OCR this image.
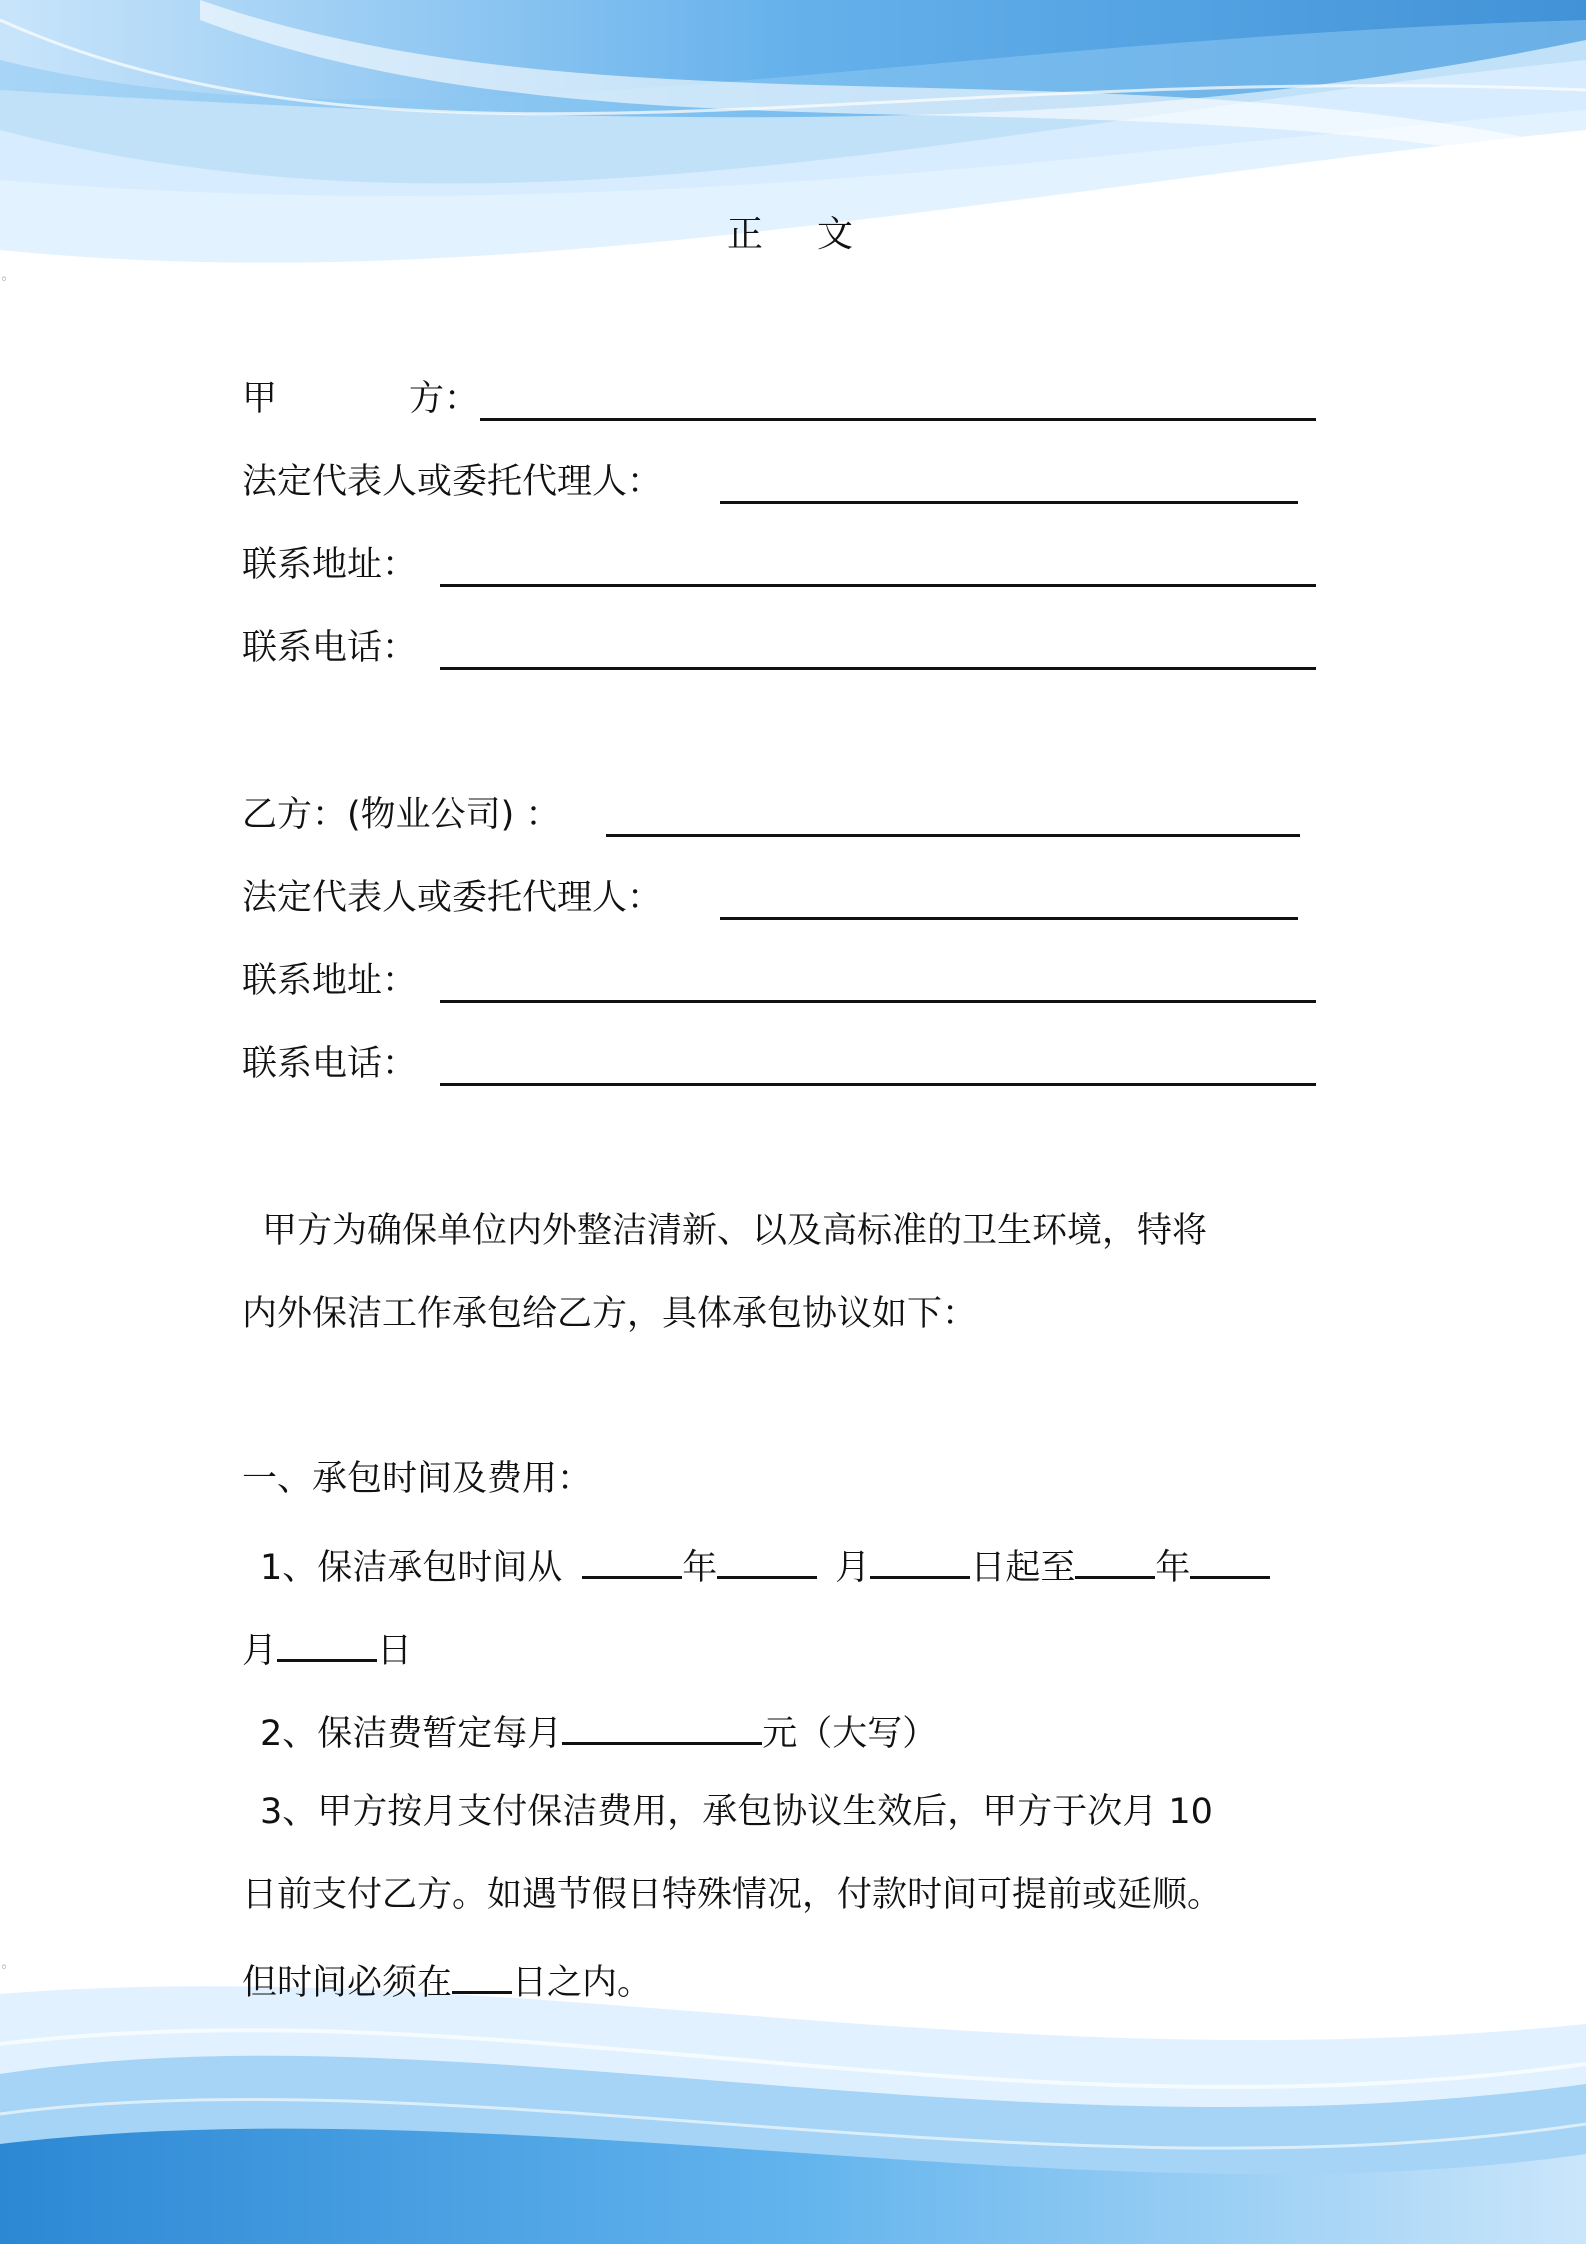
◦
◦
正 文
甲	方：
法定代表人或委托代理人：
联系地址：
联系电话：
乙方：(物业公司) ：
法定代表人或委托代理人：
联系地址：
联系电话：
甲方为确保单位内外整洁清新、以及高标准的卫生环境，特将
内外保洁工作承包给乙方，具体承包协议如下：
一、承包时间及费用：
1、保洁承包时间从	年	月	日起至 年
月	日
2、保洁费暂定每月	元（大写）
3、甲方按月支付保洁费用，承包协议生效后，甲方于次月 10
日前支付乙方。如遇节假日特殊情况，付款时间可提前或延顺。
但时间必须在 日之内。
